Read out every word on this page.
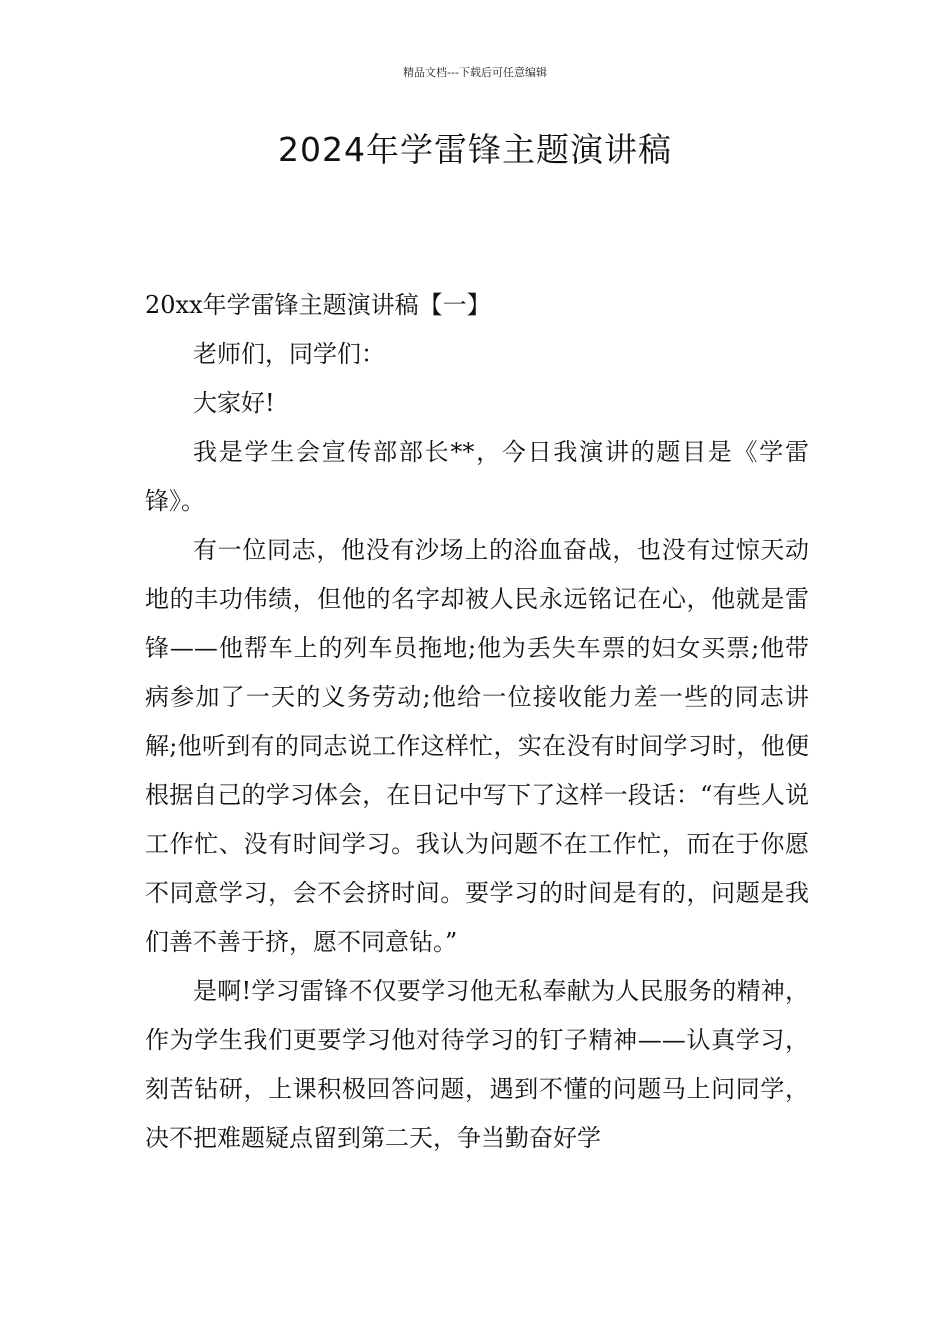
精品文档---下载后可任意编辑
2024年学雷锋主题演讲稿

20xx年学雷锋主题演讲稿【一】

老师们，同学们：

大家好!

我是学生会宣传部部长**，今日我演讲的题目是《学雷锋》。

有一位同志，他没有沙场上的浴血奋战，也没有过惊天动地的丰功伟绩，但他的名字却被人民永远铭记在心，他就是雷锋——他帮车上的列车员拖地;他为丢失车票的妇女买票;他带病参加了一天的义务劳动;他给一位接收能力差一些的同志讲解;他听到有的同志说工作这样忙，实在没有时间学习时，他便根据自己的学习体会，在日记中写下了这样一段话：“有些人说工作忙、没有时间学习。我认为问题不在工作忙，而在于你愿不同意学习，会不会挤时间。要学习的时间是有的，问题是我们善不善于挤，愿不同意钻。”

是啊!学习雷锋不仅要学习他无私奉献为人民服务的精神，作为学生我们更要学习他对待学习的钉子精神——认真学习，刻苦钻研，上课积极回答问题，遇到不懂的问题马上问同学，决不把难题疑点留到第二天，争当勤奋好学
